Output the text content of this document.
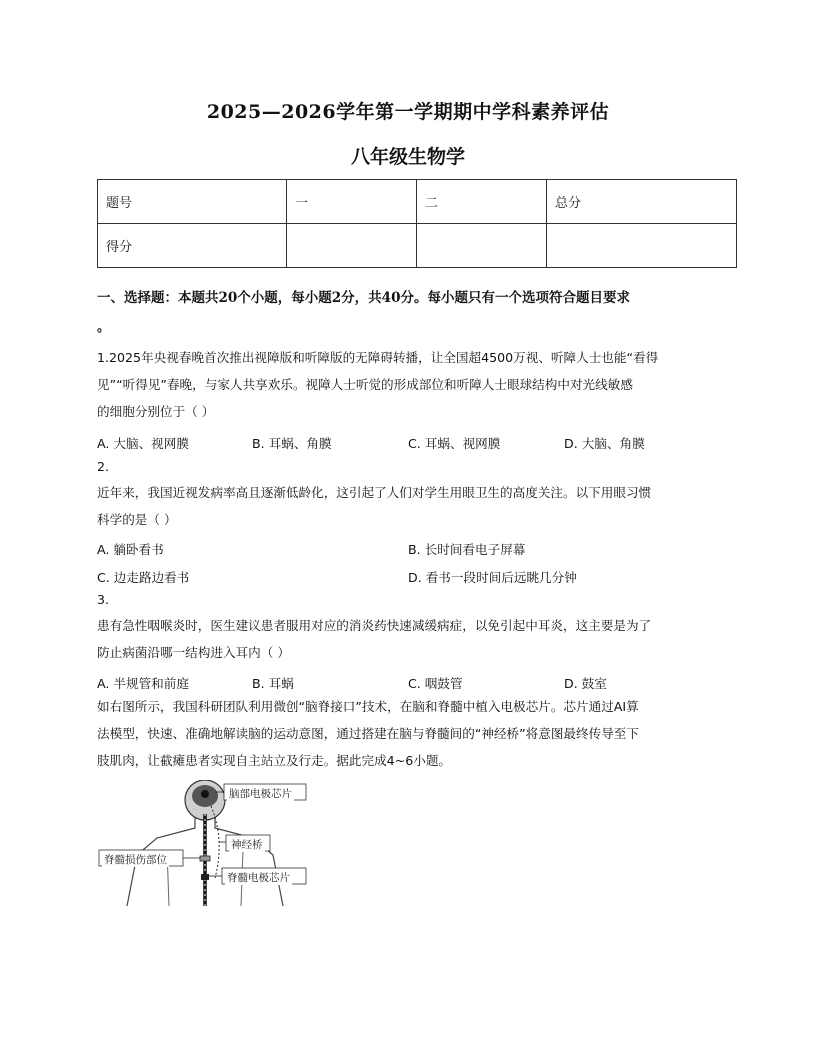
2025—2026学年第一学期期中学科素养评估
八年级生物学
题号	一	二	总分
得分			
一、选择题：本题共20个小题，每小题2分，共40分。每小题只有一个选项符合题目要求
。
1.2025年央视春晚首次推出视障版和听障版的无障碍转播，让全国超4500万视、听障人士也能“看得
见”“听得见”春晚，与家人共享欢乐。视障人士听觉的形成部位和听障人士眼球结构中对光线敏感
的细胞分别位于（ ）
A. 大脑、视网膜	B. 耳蜗、角膜	C. 耳蜗、视网膜	D. 大脑、角膜
2.
近年来，我国近视发病率高且逐渐低龄化，这引起了人们对学生用眼卫生的高度关注。以下用眼习惯
科学的是（ ）
A. 躺卧看书	B. 长时间看电子屏幕
C. 边走路边看书	D. 看书一段时间后远眺几分钟
3.
患有急性咽喉炎时，医生建议患者服用对应的消炎药快速减缓病症，以免引起中耳炎，这主要是为了
防止病菌沿哪一结构进入耳内（ ）
A. 半规管和前庭	B. 耳蜗	C. 咽鼓管	D. 鼓室
如右图所示，我国科研团队利用微创“脑脊接口”技术，在脑和脊髓中植入电极芯片。芯片通过AI算
法模型，快速、准确地解读脑的运动意图，通过搭建在脑与脊髓间的“神经桥”将意图最终传导至下
肢肌肉，让截瘫患者实现自主站立及行走。据此完成4~6小题。
脑部电极芯片
神经桥
脊髓损伤部位
脊髓电极芯片
